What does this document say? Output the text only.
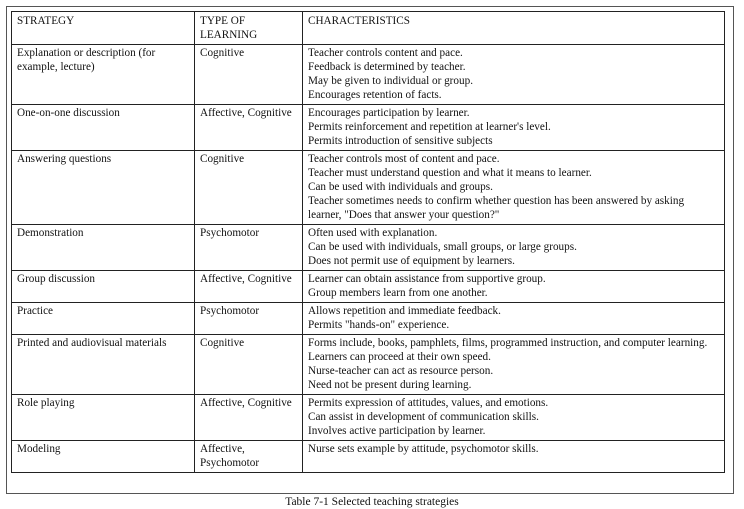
STRATEGY	TYPE OF LEARNING	CHARACTERISTICS
Explanation or description (for example, lecture)	Cognitive	Teacher controls content and pace.
Feedback is determined by teacher.
May be given to individual or group.
Encourages retention of facts.

One-on-one discussion	Affective, Cognitive	Encourages participation by learner.
Permits reinforcement and repetition at learner's level.
Permits introduction of sensitive subjects

Answering questions	Cognitive	Teacher controls most of content and pace.
Teacher must understand question and what it means to learner.
Can be used with individuals and groups.
Teacher sometimes needs to confirm whether question has been answered by asking learner, "Does that answer your question?"

Demonstration	Psychomotor	Often used with explanation.
Can be used with individuals, small groups, or large groups.
Does not permit use of equipment by learners.

Group discussion	Affective, Cognitive	Learner can obtain assistance from supportive group.
Group members learn from one another.

Practice	Psychomotor	Allows repetition and immediate feedback.
Permits "hands-on" experience.

Printed and audiovisual materials	Cognitive	Forms include, books, pamphlets, films, programmed instruction, and computer learning.
Learners can proceed at their own speed.
Nurse-teacher can act as resource person.
Need not be present during learning.

Role playing	Affective, Cognitive	Permits expression of attitudes, values, and emotions.
Can assist in development of communication skills.
Involves active participation by learner.

Modeling	Affective, Psychomotor	Nurse sets example by attitude, psychomotor skills.
Table 7-1 Selected teaching strategies
